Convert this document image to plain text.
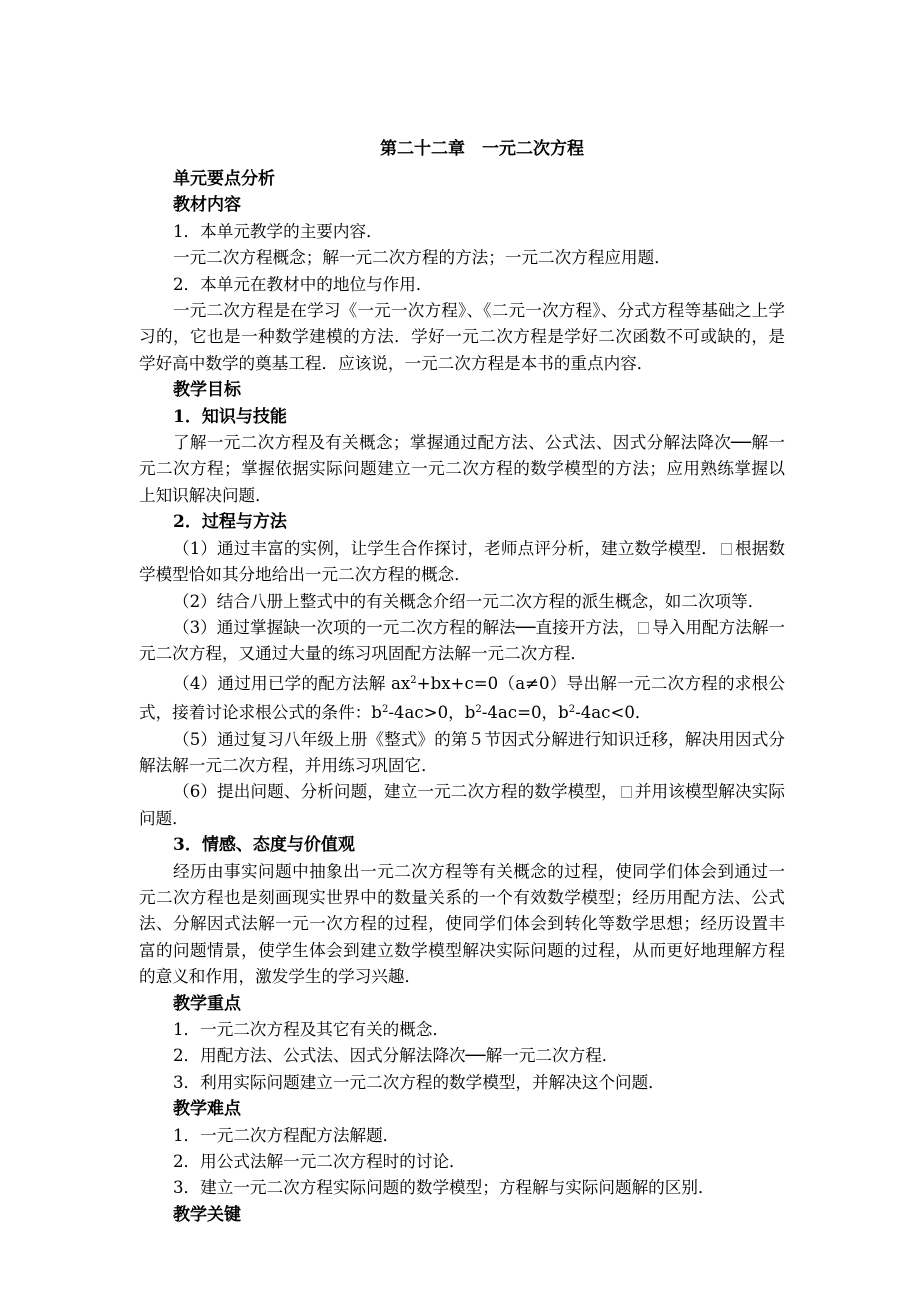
第二十二章　一元二次方程
单元要点分析
教材内容

1．本单元教学的主要内容．

一元二次方程概念；解一元二次方程的方法；一元二次方程应用题．

2．本单元在教材中的地位与作用．

一元二次方程是在学习《一元一次方程》、《二元一次方程》、分式方程等基础之上学习的，它也是一种数学建模的方法．学好一元二次方程是学好二次函数不可或缺的，是学好高中数学的奠基工程．应该说，一元二次方程是本书的重点内容．

教学目标
1．知识与技能

了解一元二次方程及有关概念；掌握通过配方法、公式法、因式分解法降次──解一元二次方程；掌握依据实际问题建立一元二次方程的数学模型的方法；应用熟练掌握以上知识解决问题．

2．过程与方法

（1）通过丰富的实例，让学生合作探讨，老师点评分析，建立数学模型． 根据数学模型恰如其分地给出一元二次方程的概念．

（2）结合八册上整式中的有关概念介绍一元二次方程的派生概念，如二次项等．

（3）通过掌握缺一次项的一元二次方程的解法──直接开方法， 导入用配方法解一元二次方程，又通过大量的练习巩固配方法解一元二次方程．

（4）通过用已学的配方法解 $ax^2+bx+c=0(a\ne 0)$导出解一元二次方程的求根公式，接着讨论求根公式的条件：$b^2-4ac>0$，$b^2-4ac=0$，$b^2-4ac<0$．

（5）通过复习八年级上册《整式》的第５节因式分解进行知识迁移，解决用因式分解法解一元二次方程，并用练习巩固它．

（6）提出问题、分析问题，建立一元二次方程的数学模型， 并用该模型解决实际问题．

3．情感、态度与价值观

经历由事实问题中抽象出一元二次方程等有关概念的过程，使同学们体会到通过一元二次方程也是刻画现实世界中的数量关系的一个有效数学模型；经历用配方法、公式法、分解因式法解一元一次方程的过程，使同学们体会到转化等数学思想；经历设置丰富的问题情景，使学生体会到建立数学模型解决实际问题的过程，从而更好地理解方程的意义和作用，激发学生的学习兴趣．

教学重点

1．一元二次方程及其它有关的概念．

2．用配方法、公式法、因式分解法降次──解一元二次方程．

3．利用实际问题建立一元二次方程的数学模型，并解决这个问题．

教学难点

1．一元二次方程配方法解题．

2．用公式法解一元二次方程时的讨论．

3．建立一元二次方程实际问题的数学模型；方程解与实际问题解的区别．

教学关键
